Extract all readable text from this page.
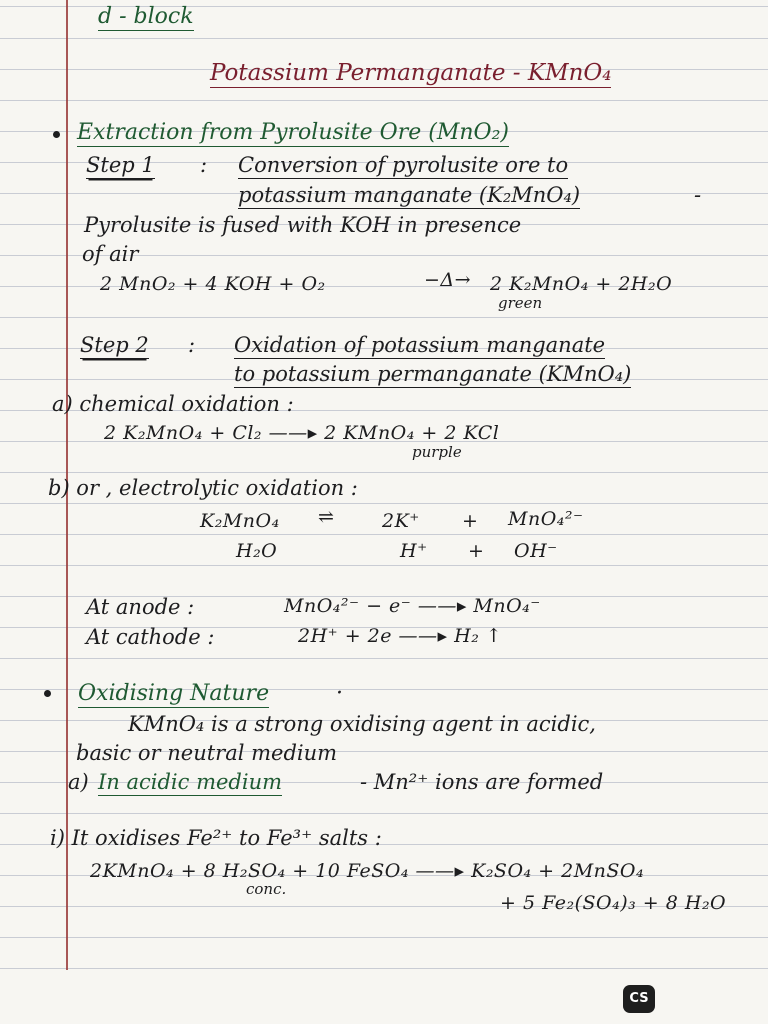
d - block
Potassium Permanganate - KMnO₄
Extraction from Pyrolusite Ore (MnO₂)
Step 1 : Conversion of pyrolusite ore to
potassium manganate (K₂MnO₄)	-
Pyrolusite is fused with KOH in presence
of air
2 MnO₂ + 4 KOH + O₂	−Δ→ 2 K₂MnO₄ + 2H₂O
green
Step 2 : Oxidation of potassium manganate
to potassium permanganate (KMnO₄)
a) chemical oxidation :
2 K₂MnO₄ + Cl₂ ——▸ 2 KMnO₄ + 2 KCl
purple
b) or , electrolytic oxidation :
K₂MnO₄ ⇌	2K⁺ + MnO₄²⁻
H₂O	H⁺ + OH⁻
At anode :	MnO₄²⁻ − e⁻ ——▸ MnO₄⁻
At cathode :	2H⁺ + 2e ——▸ H₂ ↑
Oxidising Nature	·
KMnO₄ is a strong oxidising agent in acidic,
basic or neutral medium
a) In acidic medium	- Mn²⁺ ions are formed
i) It oxidises Fe²⁺ to Fe³⁺ salts :
2KMnO₄ + 8 H₂SO₄ + 10 FeSO₄ ——▸ K₂SO₄ + 2MnSO₄
conc.
+ 5 Fe₂(SO₄)₃ + 8 H₂O
CS
